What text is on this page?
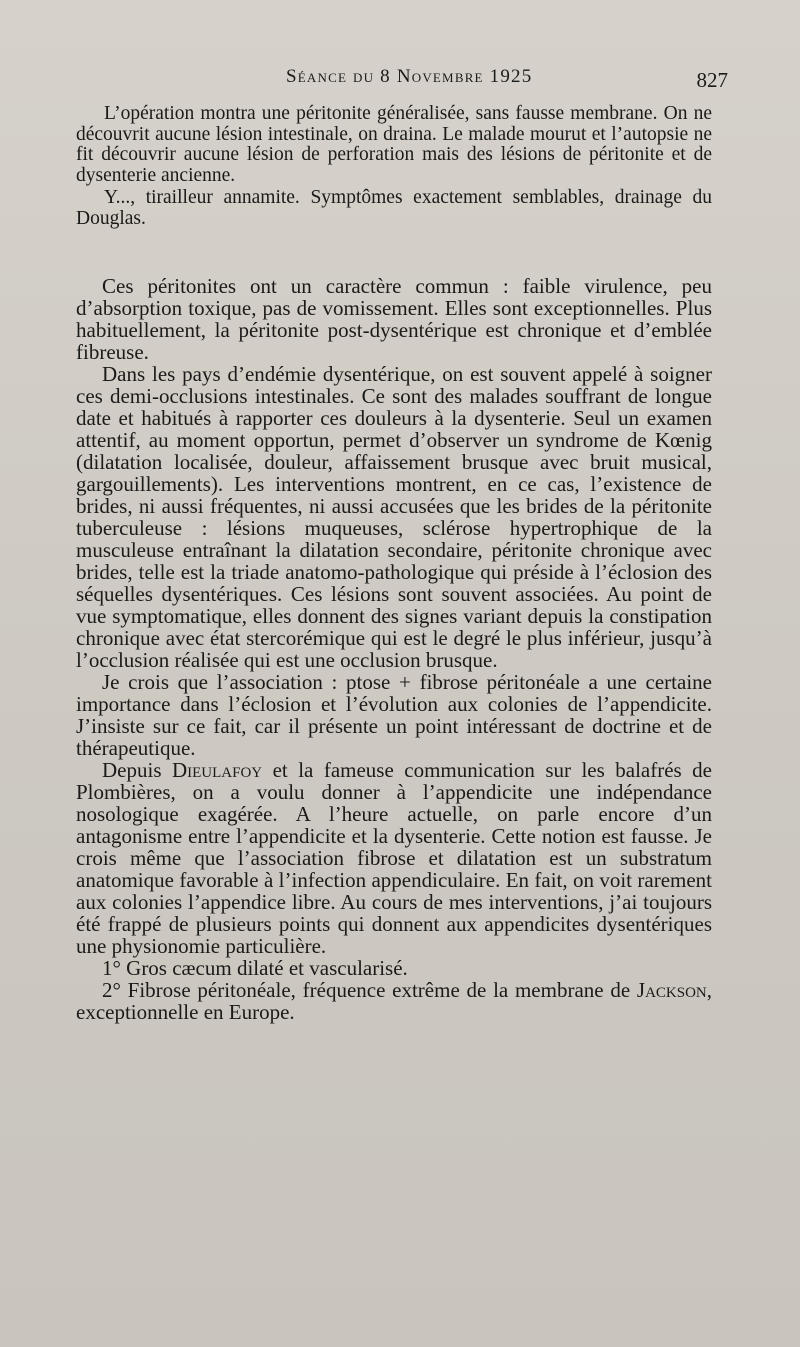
Séance du 8 Novembre 1925	827

L’opération montra une péritonite généralisée, sans fausse membrane. On ne découvrit aucune lésion intestinale, on draina. Le malade mourut et l’autopsie ne fit découvrir aucune lésion de perforation mais des lésions de péritonite et de dysenterie ancienne.

Y..., tirailleur annamite. Symptômes exactement semblables, drainage du Douglas.

Ces péritonites ont un caractère commun : faible virulence, peu d’absorption toxique, pas de vomissement. Elles sont exceptionnelles. Plus habituellement, la péritonite post-dysentérique est chronique et d’emblée fibreuse.

Dans les pays d’endémie dysentérique, on est souvent appelé à soigner ces demi-occlusions intestinales. Ce sont des malades souffrant de longue date et habitués à rapporter ces douleurs à la dysenterie. Seul un examen attentif, au moment opportun, permet d’observer un syndrome de Kœnig (dilatation localisée, douleur, affaissement brusque avec bruit musical, gargouillements). Les interventions montrent, en ce cas, l’existence de brides, ni aussi fréquentes, ni aussi accusées que les brides de la péritonite tuberculeuse : lésions muqueuses, sclérose hypertrophique de la musculeuse entraînant la dilatation secondaire, péritonite chronique avec brides, telle est la triade anatomo-pathologique qui préside à l’éclosion des séquelles dysentériques. Ces lésions sont souvent associées. Au point de vue symptomatique, elles donnent des signes variant depuis la constipation chronique avec état stercorémique qui est le degré le plus inférieur, jusqu’à l’occlusion réalisée qui est une occlusion brusque.

Je crois que l’association : ptose + fibrose péritonéale a une certaine importance dans l’éclosion et l’évolution aux colonies de l’appendicite. J’insiste sur ce fait, car il présente un point intéressant de doctrine et de thérapeutique.

Depuis Dieulafoy et la fameuse communication sur les balafrés de Plombières, on a voulu donner à l’appendicite une indépendance nosologique exagérée. A l’heure actuelle, on parle encore d’un antagonisme entre l’appendicite et la dysenterie. Cette notion est fausse. Je crois même que l’association fibrose et dilatation est un substratum anatomique favorable à l’infection appendiculaire. En fait, on voit rarement aux colonies l’appendice libre. Au cours de mes interventions, j’ai toujours été frappé de plusieurs points qui donnent aux appendicites dysentériques une physionomie particulière.

1° Gros cæcum dilaté et vascularisé.

2° Fibrose péritonéale, fréquence extrême de la membrane de Jackson, exceptionnelle en Europe.
